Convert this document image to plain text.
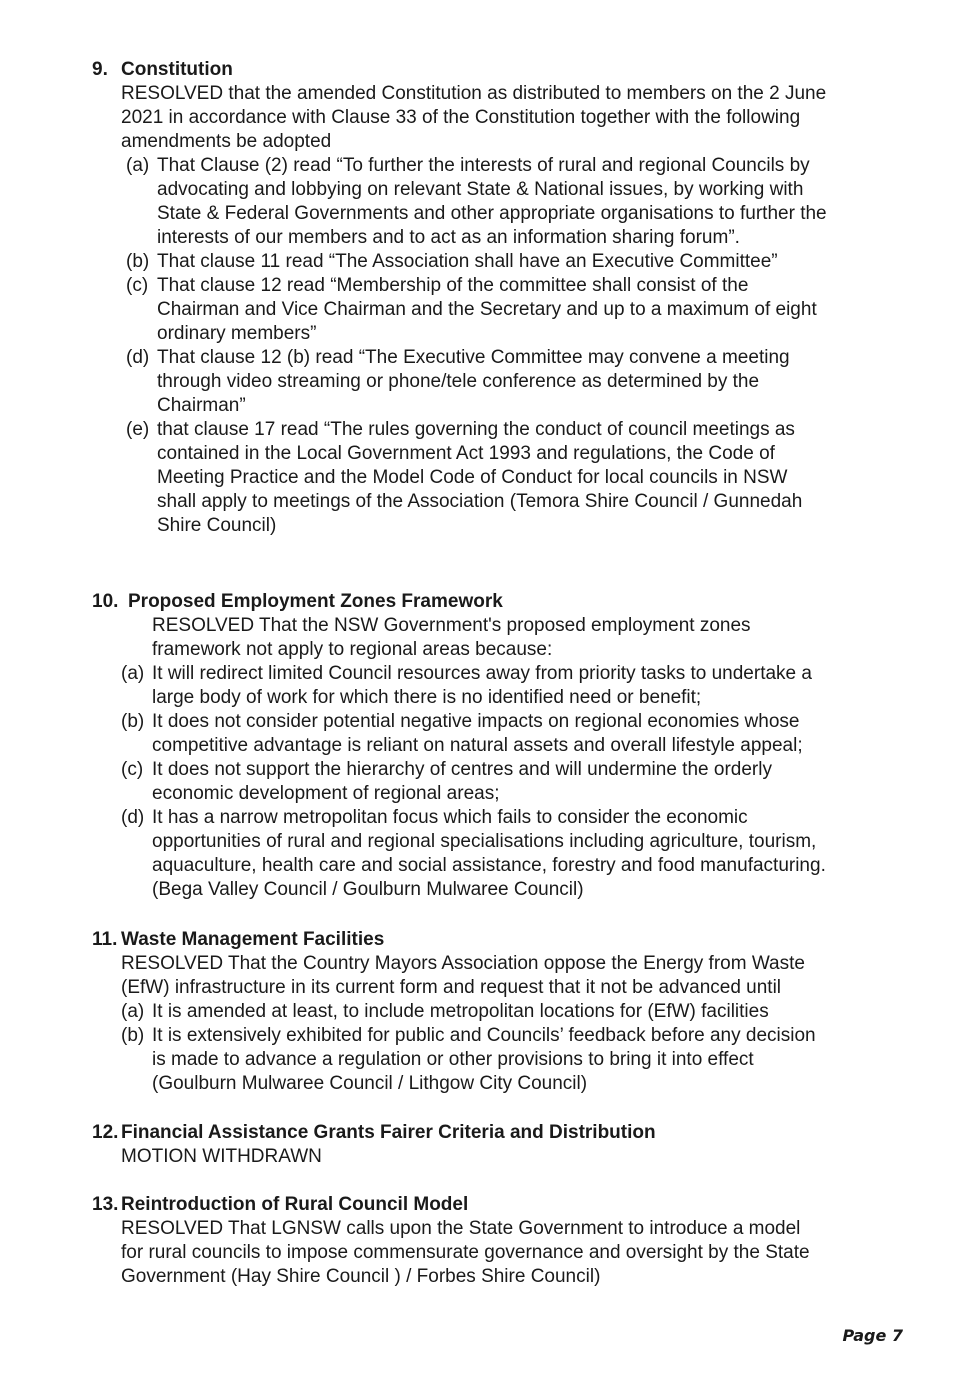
9. Constitution
RESOLVED that the amended Constitution as distributed to members on the 2 June
2021 in accordance with Clause 33 of the Constitution together with the following
amendments be adopted
(a) That Clause (2) read “To further the interests of rural and regional Councils by
advocating and lobbying on relevant State & National issues, by working with
State & Federal Governments and other appropriate organisations to further the
interests of our members and to act as an information sharing forum”.
(b) That clause 11 read “The Association shall have an Executive Committee”
(c) That clause 12 read “Membership of the committee shall consist of the
Chairman and Vice Chairman and the Secretary and up to a maximum of eight
ordinary members”
(d) That clause 12 (b) read “The Executive Committee may convene a meeting
through video streaming or phone/tele conference as determined by the
Chairman”
(e) that clause 17 read “The rules governing the conduct of council meetings as
contained in the Local Government Act 1993 and regulations, the Code of
Meeting Practice and the Model Code of Conduct for local councils in NSW
shall apply to meetings of the Association (Temora Shire Council / Gunnedah
Shire Council)
10. Proposed Employment Zones Framework
RESOLVED That the NSW Government's proposed employment zones
framework not apply to regional areas because:
(a) It will redirect limited Council resources away from priority tasks to undertake a
large body of work for which there is no identified need or benefit;
(b) It does not consider potential negative impacts on regional economies whose
competitive advantage is reliant on natural assets and overall lifestyle appeal;
(c) It does not support the hierarchy of centres and will undermine the orderly
economic development of regional areas;
(d) It has a narrow metropolitan focus which fails to consider the economic
opportunities of rural and regional specialisations including agriculture, tourism,
aquaculture, health care and social assistance, forestry and food manufacturing.
(Bega Valley Council / Goulburn Mulwaree Council)
11. Waste Management Facilities
RESOLVED That the Country Mayors Association oppose the Energy from Waste
(EfW) infrastructure in its current form and request that it not be advanced until
(a) It is amended at least, to include metropolitan locations for (EfW) facilities
(b) It is extensively exhibited for public and Councils’ feedback before any decision
is made to advance a regulation or other provisions to bring it into effect
(Goulburn Mulwaree Council / Lithgow City Council)
12. Financial Assistance Grants Fairer Criteria and Distribution
MOTION WITHDRAWN
13. Reintroduction of Rural Council Model
RESOLVED That LGNSW calls upon the State Government to introduce a model
for rural councils to impose commensurate governance and oversight by the State
Government (Hay Shire Council ) / Forbes Shire Council)
Page 7
